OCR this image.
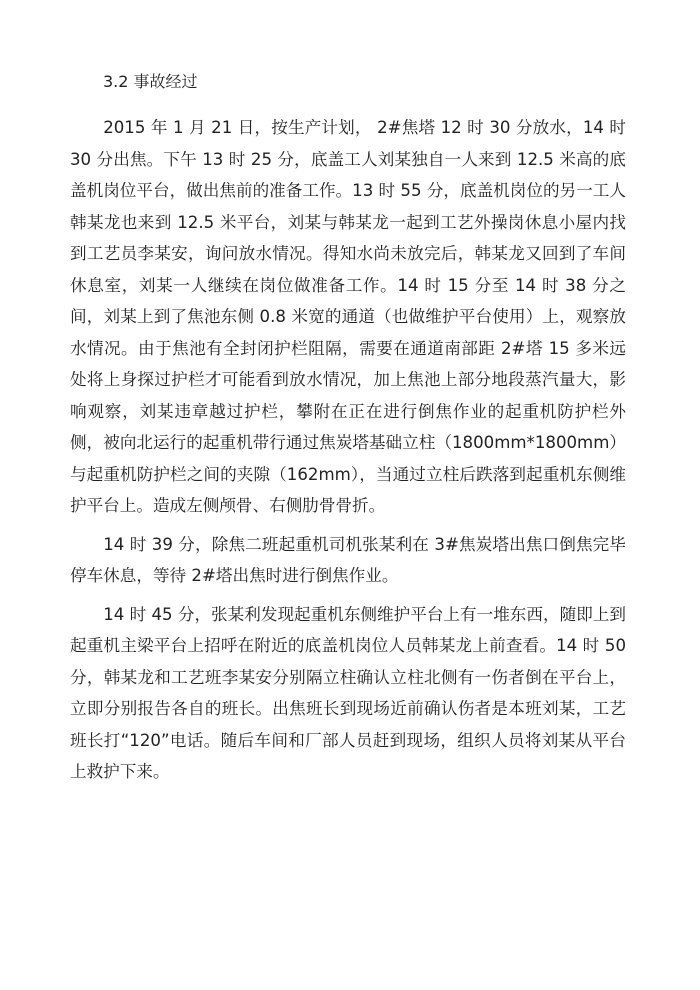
3.2 事故经过

2015 年 1 月 21 日，按生产计划， 2#焦塔 12 时 30 分放水，14 时 30 分出焦。下午 13 时 25 分，底盖工人刘某独自一人来到 12.5 米高的底盖机岗位平台，做出焦前的准备工作。13 时 55 分，底盖机岗位的另一工人韩某龙也来到 12.5 米平台，刘某与韩某龙一起到工艺外操岗休息小屋内找到工艺员李某安，询问放水情况。得知水尚未放完后，韩某龙又回到了车间休息室，刘某一人继续在岗位做准备工作。14 时 15 分至 14 时 38 分之间，刘某上到了焦池东侧 0.8 米宽的通道（也做维护平台使用）上，观察放水情况。由于焦池有全封闭护栏阻隔，需要在通道南部距 2#塔 15 多米远处将上身探过护栏才可能看到放水情况，加上焦池上部分地段蒸汽量大，影响观察，刘某违章越过护栏，攀附在正在进行倒焦作业的起重机防护栏外侧，被向北运行的起重机带行通过焦炭塔基础立柱（1800mm*1800mm）与起重机防护栏之间的夹隙（162mm），当通过立柱后跌落到起重机东侧维护平台上。造成左侧颅骨、右侧肋骨骨折。

14 时 39 分，除焦二班起重机司机张某利在 3#焦炭塔出焦口倒焦完毕停车休息，等待 2#塔出焦时进行倒焦作业。

14 时 45 分，张某利发现起重机东侧维护平台上有一堆东西，随即上到起重机主梁平台上招呼在附近的底盖机岗位人员韩某龙上前查看。14 时 50 分，韩某龙和工艺班李某安分别隔立柱确认立柱北侧有一伤者倒在平台上，立即分别报告各自的班长。出焦班长到现场近前确认伤者是本班刘某，工艺班长打“120”电话。随后车间和厂部人员赶到现场，组织人员将刘某从平台上救护下来。
